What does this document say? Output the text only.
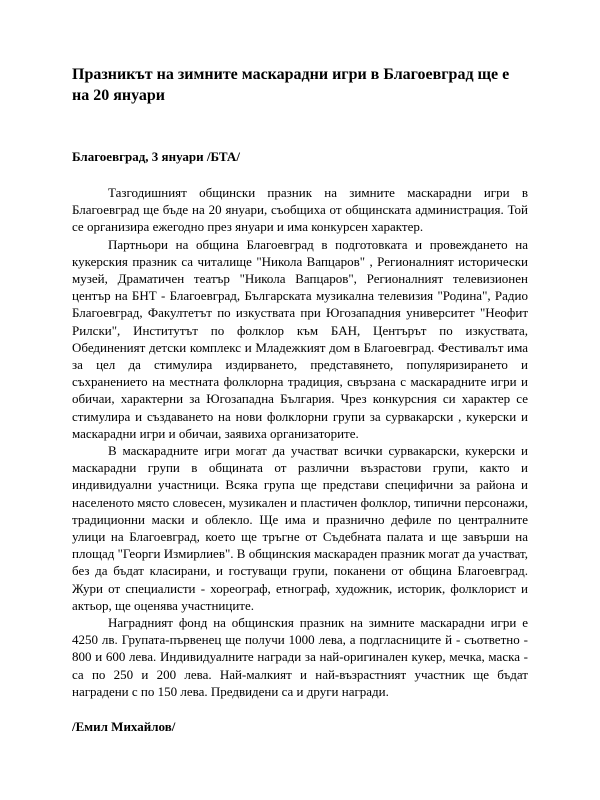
Празникът на зимните маскарадни игри в Благоевград ще е на 20 януари

Благоевград, 3 януари /БТА/

Тазгодишният общински празник на зимните маскарадни игри в Благоевград ще бъде на 20 януари, съобщиха от общинската администрация. Той се организира ежегодно през януари и има конкурсен характер.

Партньори на община Благоевград в подготовката и провеждането на кукерския празник са читалище "Никола Вапцаров" , Регионалният исторически музей, Драматичен театър "Никола Вапцаров", Регионалният телевизионен център на БНТ - Благоевград, Българската музикална телевизия "Родина", Радио Благоевград, Факултетът по изкуствата при Югозападния университет "Неофит Рилски", Институтът по фолклор към БАН, Центърът по изкуствата, Обединеният детски комплекс и Младежкият дом в Благоевград. Фестивалът има за цел да стимулира издирването, представянето, популяризирането и съхранението на местната фолклорна традиция, свързана с маскарадните игри и обичаи, характерни за Югозападна България. Чрез конкурсния си характер се стимулира и създаването на нови фолклорни групи за сурвакарски , кукерски и маскарадни игри и обичаи, заявиха организаторите.

В маскарадните игри могат да участват всички сурвакарски, кукерски и маскарадни групи в общината от различни възрастови групи, както и индивидуални участници. Всяка група ще представи специфични за района и населеното място словесен, музикален и пластичен фолклор, типични персонажи, традиционни маски и облекло. Ще има и празнично дефиле по централните улици на Благоевград, което ще тръгне от Съдебната палата и ще завърши на площад "Георги Измирлиев". В общинския маскараден празник могат да участват, без да бъдат класирани, и гостуващи групи, поканени от община Благоевград. Жури от специалисти - хореограф, етнограф, художник, историк, фолклорист и актьор, ще оценява участниците.

Наградният фонд на общинския празник на зимните маскарадни игри е 4250 лв. Групата-първенец ще получи 1000 лева, а подгласниците й - съответно - 800 и 600 лева. Индивидуалните награди за най-оригинален кукер, мечка, маска - са по 250 и 200 лева. Най-малкият и най-възрастният участник ще бъдат наградени с по 150 лева. Предвидени са и други награди.

/Емил Михайлов/
